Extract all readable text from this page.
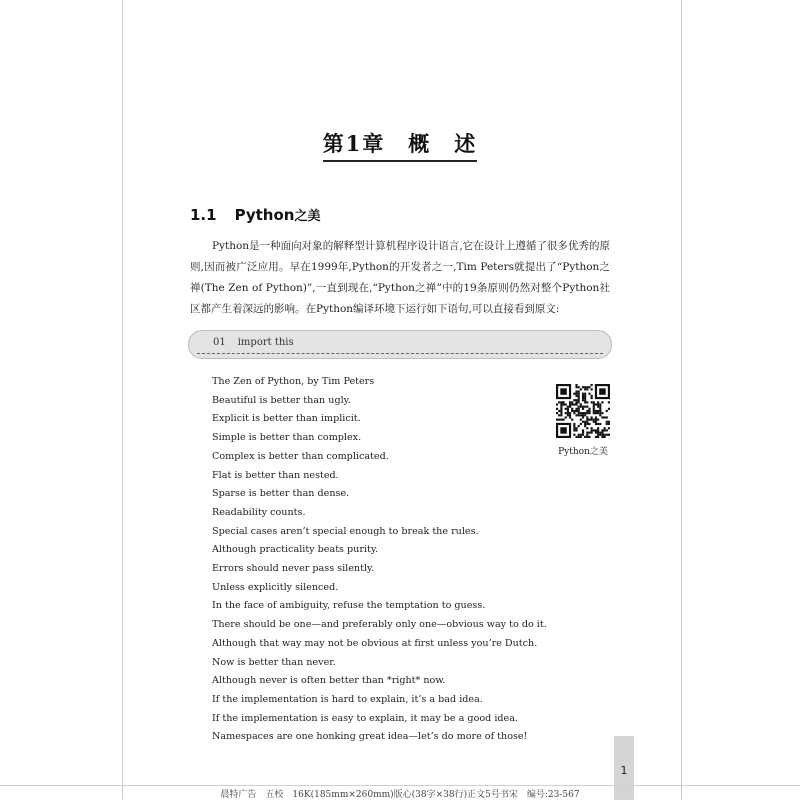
第1章　概　述
1.1 Python之美
Python是一种面向对象的解释型计算机程序设计语言,它在设计上遵循了很多优秀的原则,因而被广泛应用。早在1999年,Python的开发者之一,Tim Peters就提出了“Python之禅(The Zen of Python)”,一直到现在,“Python之禅”中的19条原则仍然对整个Python社区都产生着深远的影响。在Python编译环境下运行如下语句,可以直接看到原文:
01 import this
The Zen of Python, by Tim Peters
Beautiful is better than ugly.
Explicit is better than implicit.
Simple is better than complex.
Complex is better than complicated.
Flat is better than nested.
Sparse is better than dense.
Readability counts.
Special cases aren’t special enough to break the rules.
Although practicality beats purity.
Errors should never pass silently.
Unless explicitly silenced.
In the face of ambiguity, refuse the temptation to guess.
There should be one—and preferably only one—obvious way to do it.
Although that way may not be obvious at first unless you’re Dutch.
Now is better than never.
Although never is often better than *right* now.
If the implementation is hard to explain, it’s a bad idea.
If the implementation is easy to explain, it may be a good idea.
Namespaces are one honking great idea—let’s do more of those!
Python之美
1
晨特广告　五校　16K(185mm×260mm)版心(38字×38行)正文5号书宋　编号:23-567
